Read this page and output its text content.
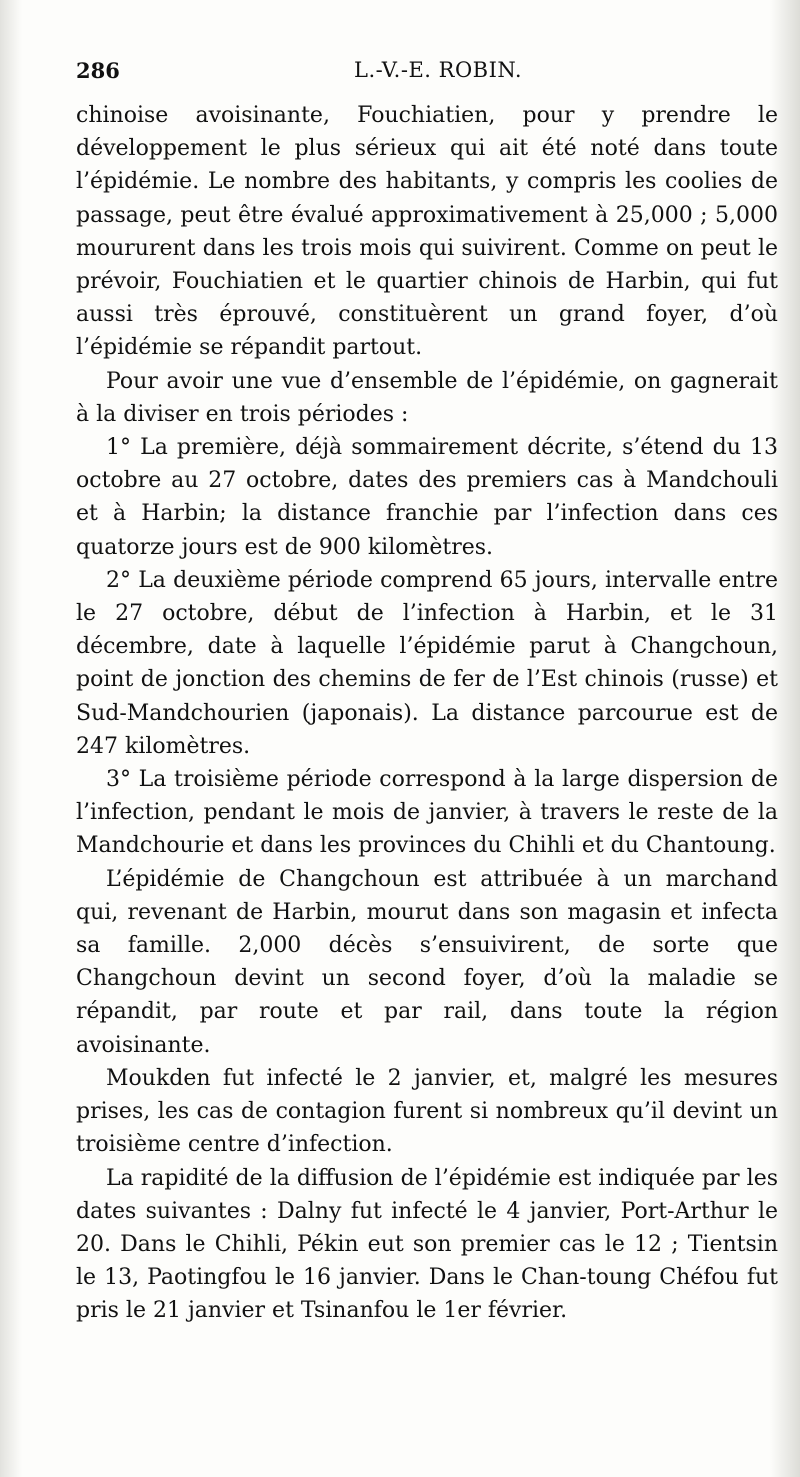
286	L.-V.-E. ROBIN.

chinoise avoisinante, Fouchiatien, pour y prendre le développement le plus sérieux qui ait été noté dans toute l’épidémie. Le nombre des habitants, y compris les coolies de passage, peut être évalué approximativement à 25,000 ; 5,000 moururent dans les trois mois qui suivirent. Comme on peut le prévoir, Fouchiatien et le quartier chinois de Harbin, qui fut aussi très éprouvé, constituèrent un grand foyer, d’où l’épidémie se répandit partout.

Pour avoir une vue d’ensemble de l’épidémie, on gagnerait à la diviser en trois périodes :

1° La première, déjà sommairement décrite, s’étend du 13 octobre au 27 octobre, dates des premiers cas à Mandchouli et à Harbin; la distance franchie par l’infection dans ces quatorze jours est de 900 kilomètres.

2° La deuxième période comprend 65 jours, intervalle entre le 27 octobre, début de l’infection à Harbin, et le 31 décembre, date à laquelle l’épidémie parut à Changchoun, point de jonction des chemins de fer de l’Est chinois (russe) et Sud-Mandchourien (japonais). La distance parcourue est de 247 kilomètres.

3° La troisième période correspond à la large dispersion de l’infection, pendant le mois de janvier, à travers le reste de la Mandchourie et dans les provinces du Chihli et du Chantoung.

L’épidémie de Changchoun est attribuée à un marchand qui, revenant de Harbin, mourut dans son magasin et infecta sa famille. 2,000 décès s’ensuivirent, de sorte que Changchoun devint un second foyer, d’où la maladie se répandit, par route et par rail, dans toute la région avoisinante.

Moukden fut infecté le 2 janvier, et, malgré les mesures prises, les cas de contagion furent si nombreux qu’il devint un troisième centre d’infection.

La rapidité de la diffusion de l’épidémie est indiquée par les dates suivantes : Dalny fut infecté le 4 janvier, Port-Arthur le 20. Dans le Chihli, Pékin eut son premier cas le 12 ; Tientsin le 13, Paotingfou le 16 janvier. Dans le Chan-toung Chéfou fut pris le 21 janvier et Tsinanfou le 1er février.
